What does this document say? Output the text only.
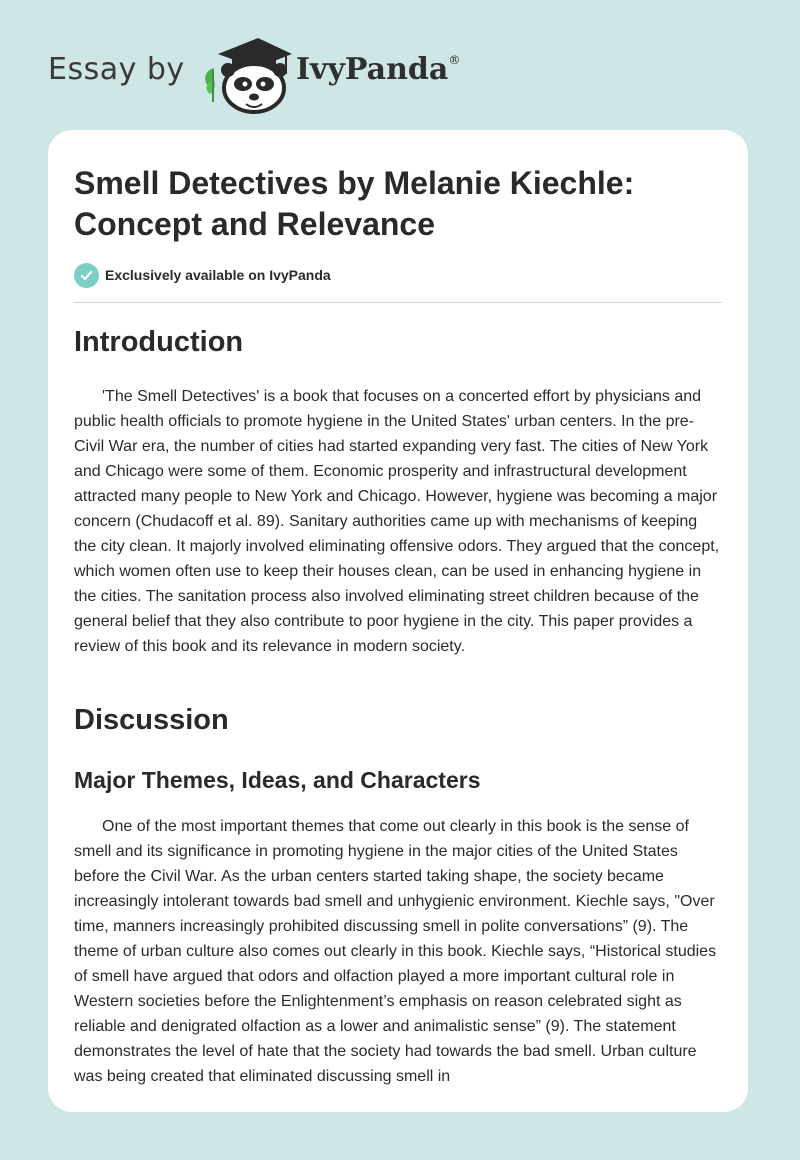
Essay by	IvyPanda®
Smell Detectives by Melanie Kiechle: Concept and Relevance
Exclusively available on IvyPanda
Introduction

'The Smell Detectives' is a book that focuses on a concerted effort by physicians and public health officials to promote hygiene in the United States' urban centers. In the pre-Civil War era, the number of cities had started expanding very fast. The cities of New York and Chicago were some of them. Economic prosperity and infrastructural development attracted many people to New York and Chicago. However, hygiene was becoming a major concern (Chudacoff et al. 89). Sanitary authorities came up with mechanisms of keeping the city clean. It majorly involved eliminating offensive odors. They argued that the concept, which women often use to keep their houses clean, can be used in enhancing hygiene in the cities. The sanitation process also involved eliminating street children because of the general belief that they also contribute to poor hygiene in the city. This paper provides a review of this book and its relevance in modern society.

Discussion
Major Themes, Ideas, and Characters

One of the most important themes that come out clearly in this book is the sense of smell and its significance in promoting hygiene in the major cities of the United States before the Civil War. As the urban centers started taking shape, the society became increasingly intolerant towards bad smell and unhygienic environment. Kiechle says, "Over time, manners increasingly prohibited discussing smell in polite conversations” (9). The theme of urban culture also comes out clearly in this book. Kiechle says, “Historical studies of smell have argued that odors and olfaction played a more important cultural role in Western societies before the Enlightenment’s emphasis on reason celebrated sight as reliable and denigrated olfaction as a lower and animalistic sense” (9). The statement demonstrates the level of hate that the society had towards the bad smell. Urban culture was being created that eliminated discussing smell in
